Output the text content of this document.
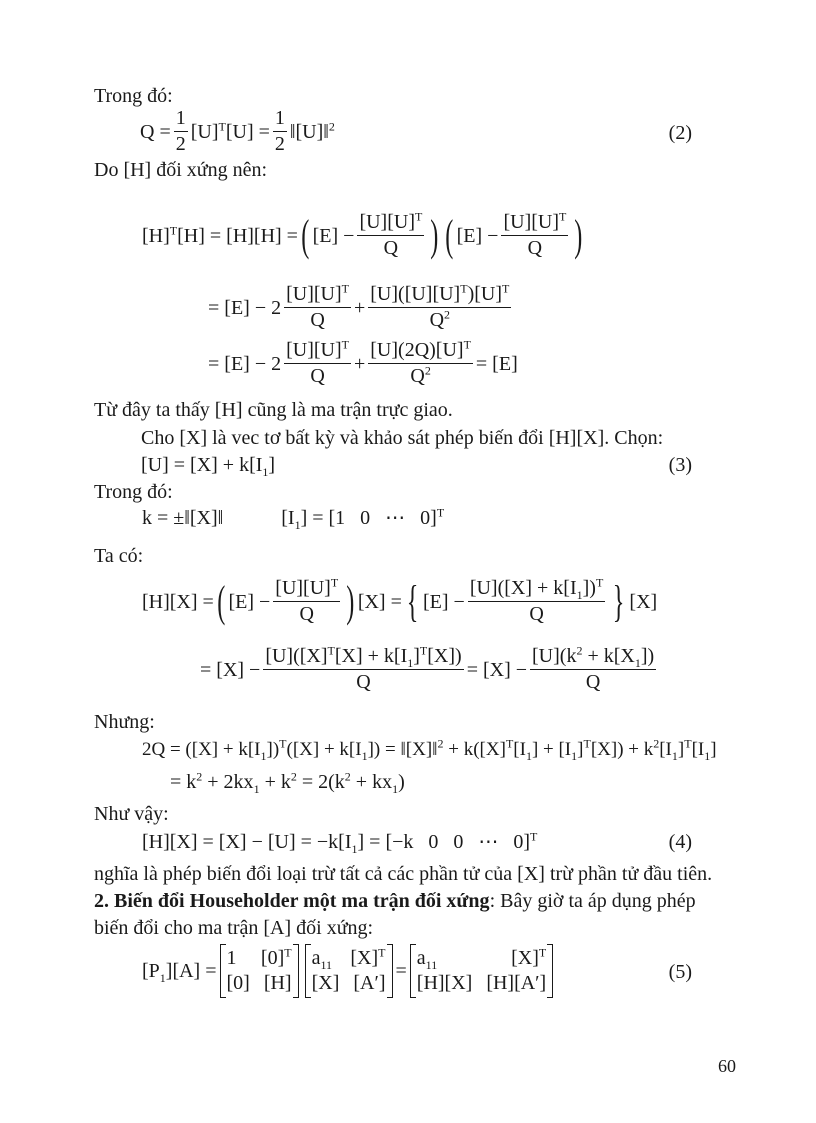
Trong đó:
$Q = \frac{1}{2} [U]^T[U] = \frac{1}{2}$ ‖[U]‖$^2$	(2)
Do [H] đối xứng nên:
$[H]^T[H] = [H][H]$ = ( $[E] - \frac{[U][U]^T}{Q}$ ) ( $[E] - \frac{[U][U]^T}{Q}$ )
= $[E] - 2 \frac{[U][U]^T}{Q} + \frac{[U]([U][U]^T)[U]^T}{Q^2}$
= $[E] - 2 \frac{[U][U]^T}{Q} + \frac{[U](2Q)[U]^T}{Q^2} = [E]$
Từ đây ta thấy [H] cũng là ma trận trực giao.
Cho [X] là vec tơ bất kỳ và khảo sát phép biến đổi [H][X]. Chọn:
$[U] = [X] + k[I_1]$	(3)
Trong đó:
k = ±‖[X]‖	$[I_1] = [1$   0   ⋯   0]$^T$
Ta có:
[H][X] = ( $[E] - \frac{[U][U]^T}{Q}$ ) [X] = { $[E] - \frac{[U]([X] + k[I_1])^T}{Q}$ } [X]
= $[X] - \frac{[U]([X]^T[X] + k[I_1]^T[X])}{Q} = [X] - \frac{[U](k^2 + k[X_1])}{Q}$
Nhưng:
$2Q = ([X] + k[I_1])^T([X] + k[I_1])$ = ‖[X]‖$^2$ + $k([X]^T[I_1] + [I_1]^T[X]) + k^2[I_1]^T[I_1]$
= $k^2 + 2kx_1 + k^2 = 2(k^2 + kx_1)$
Như vậy:
$[H][X] = [X] - [U] = -k[I_1] = [-k$   0   0   ⋯   0]$^T$	(4)
nghĩa là phép biến đổi loại trừ tất cả các phần tử của [X] trừ phần tử đầu tiên.
2. Biến đổi Householder một ma trận đối xứng: Bây giờ ta áp dụng phép
biến đổi cho ma trận [A] đối xứng:
$[P_1][A]$ =
1 $[0]^T$
[0] [H]
$a_{11}$ $[X]^T$
[X] [A′]
=
$a_{11}$	$[X]^T$
[H][X] [H][A′]	(5)
60
